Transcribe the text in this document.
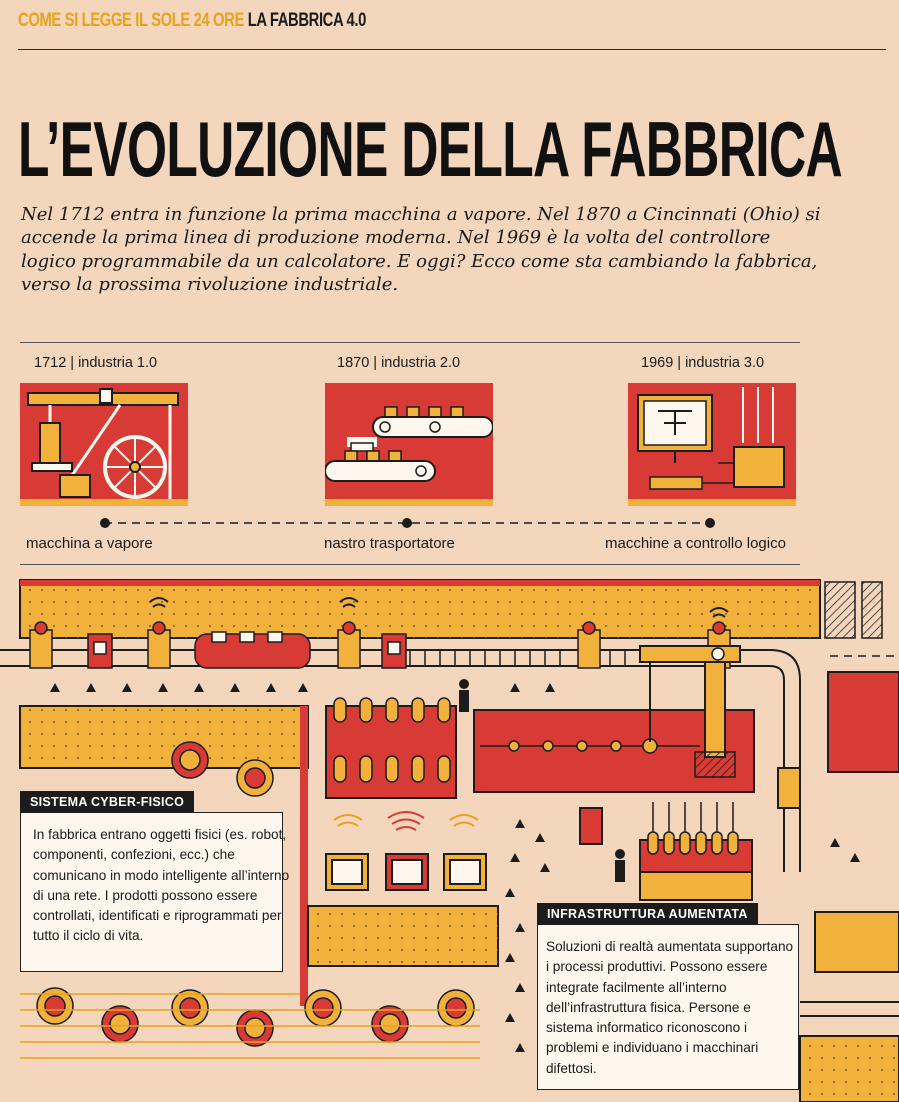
COME SI LEGGE IL SOLE 24 ORE LA FABBRICA 4.0
L’EVOLUZIONE DELLA FABBRICA
Nel 1712 entra in funzione la prima macchina a vapore. Nel 1870 a Cincinnati (Ohio) si accende la prima linea di produzione moderna. Nel 1969 è la volta del controllore logico programmabile da un calcolatore. E oggi? Ecco come sta cambiando la fabbrica, verso la prossima rivoluzione industriale.
1712 | industria 1.0	1870 | industria 2.0	1969 | industria 3.0
macchina a vapore	nastro trasportatore	macchine a controllo logico
SISTEMA CYBER-FISICO
In fabbrica entrano oggetti fisici (es. robot, componenti, confezioni, ecc.) che comunicano in modo intelligente all’interno di una rete. I prodotti possono essere controllati, identificati e riprogrammati per tutto il ciclo di vita.
INFRASTRUTTURA AUMENTATA
Soluzioni di realtà aumentata supportano i processi produttivi. Possono essere integrate facilmente all’interno dell’infrastruttura fisica. Persone e sistema informatico riconoscono i problemi e individuano i macchinari difettosi.
